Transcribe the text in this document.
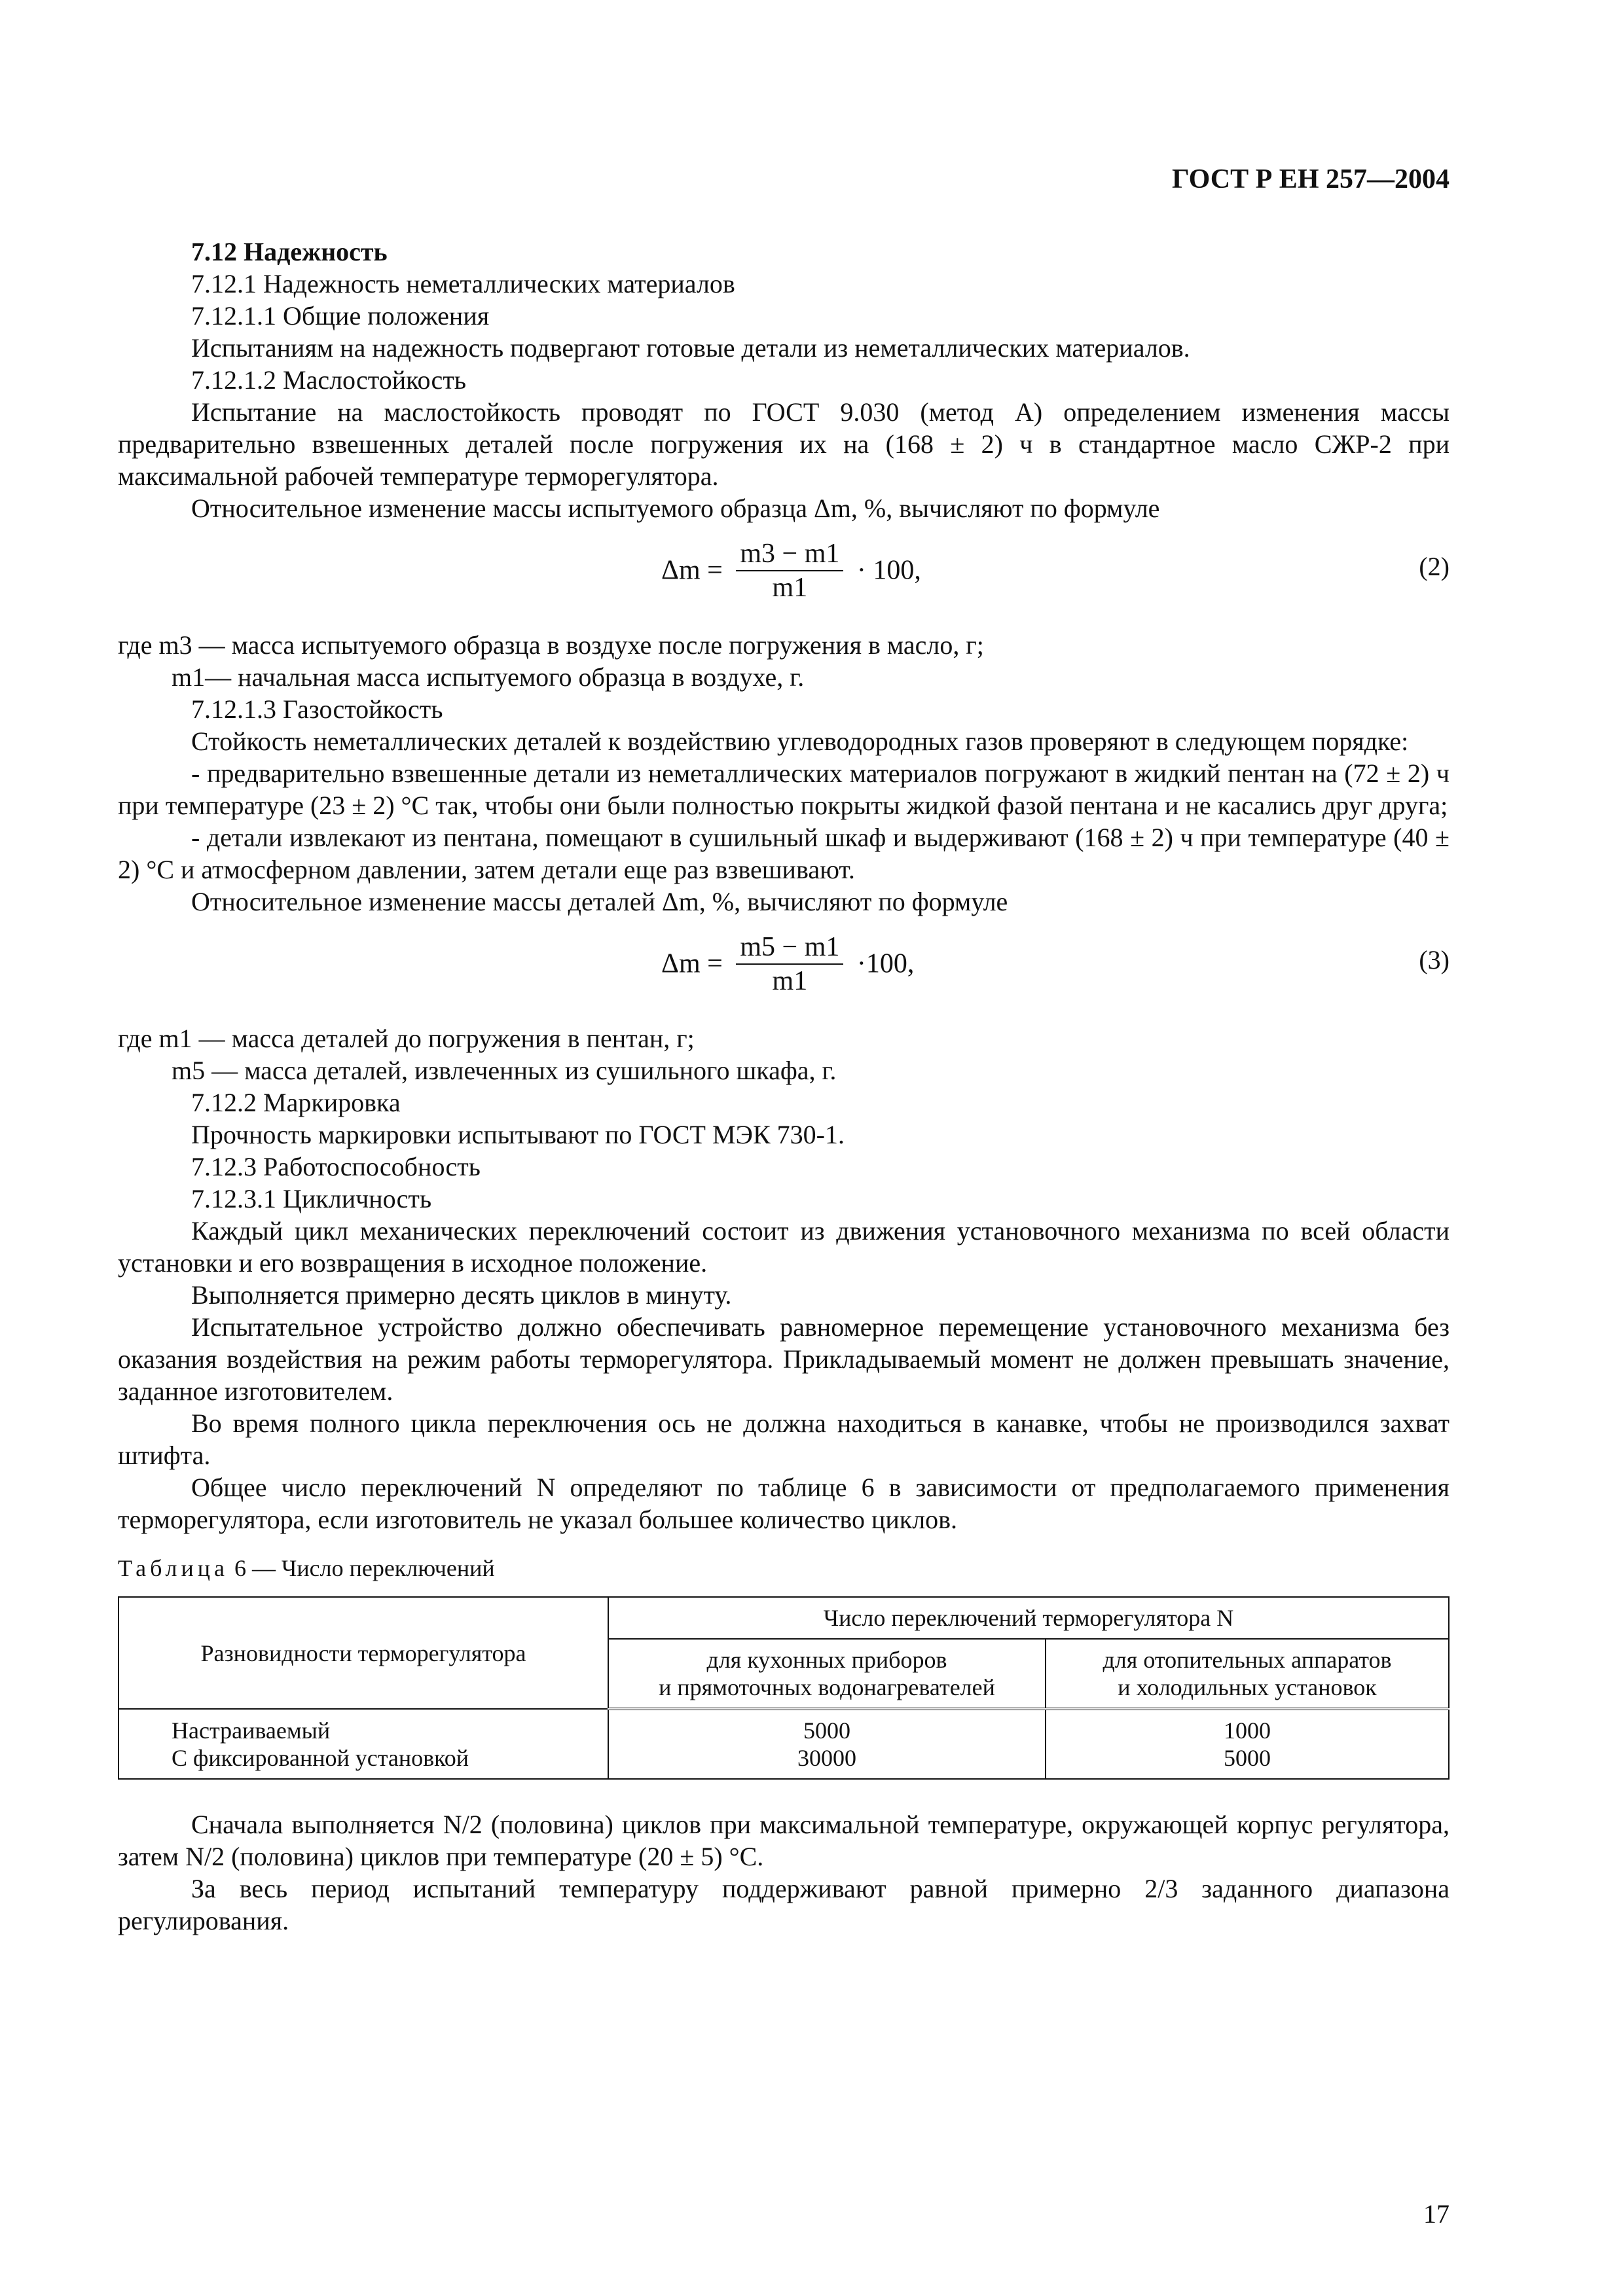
ГОСТ Р ЕН 257—2004

7.12 Надежность

7.12.1 Надежность неметаллических материалов

7.12.1.1 Общие положения

Испытаниям на надежность подвергают готовые детали из неметаллических материалов.

7.12.1.2 Маслостойкость

Испытание на маслостойкость проводят по ГОСТ 9.030 (метод А) определением изменения массы предварительно взвешенных деталей после погружения их на (168 ± 2) ч в стандартное масло СЖР-2 при максимальной рабочей температуре терморегулятора.

Относительное изменение массы испытуемого образца Δm, %, вычисляют по формуле

$\Delta m = \frac{m3 - m1}{m1} \cdot 100$,	(2)

где m3 — масса испытуемого образца в воздухе после погружения в масло, г;

m1— начальная масса испытуемого образца в воздухе, г.

7.12.1.3 Газостойкость

Стойкость неметаллических деталей к воздействию углеводородных газов проверяют в следующем порядке:

- предварительно взвешенные детали из неметаллических материалов погружают в жидкий пентан на (72 ± 2) ч при температуре (23 ± 2) °С так, чтобы они были полностью покрыты жидкой фазой пентана и не касались друг друга;

- детали извлекают из пентана, помещают в сушильный шкаф и выдерживают (168 ± 2) ч при температуре (40 ± 2) °С и атмосферном давлении, затем детали еще раз взвешивают.

Относительное изменение массы деталей Δm, %, вычисляют по формуле

$\Delta m = \frac{m5 - m1}{m1} \cdot 100$,	(3)

где m1 — масса деталей до погружения в пентан, г;

m5 — масса деталей, извлеченных из сушильного шкафа, г.

7.12.2 Маркировка

Прочность маркировки испытывают по ГОСТ МЭК 730-1.

7.12.3 Работоспособность

7.12.3.1 Цикличность

Каждый цикл механических переключений состоит из движения установочного механизма по всей области установки и его возвращения в исходное положение.

Выполняется примерно десять циклов в минуту.

Испытательное устройство должно обеспечивать равномерное перемещение установочного механизма без оказания воздействия на режим работы терморегулятора. Прикладываемый момент не должен превышать значение, заданное изготовителем.

Во время полного цикла переключения ось не должна находиться в канавке, чтобы не производился захват штифта.

Общее число переключений N определяют по таблице 6 в зависимости от предполагаемого применения терморегулятора, если изготовитель не указал большее количество циклов.

Таблица 6 — Число переключений

Разновидности терморегулятора	Число переключений терморегулятора N	
	для кухонных приборов
и прямоточных водонагревателей	для отопительных аппаратов
и холодильных установок
Настраиваемый	5000	1000
С фиксированной установкой	30000	5000

Сначала выполняется N/2 (половина) циклов при максимальной температуре, окружающей корпус регулятора, затем N/2 (половина) циклов при температуре (20 ± 5) °С.

За весь период испытаний температуру поддерживают равной примерно 2/3 заданного диапазона регулирования.

17
